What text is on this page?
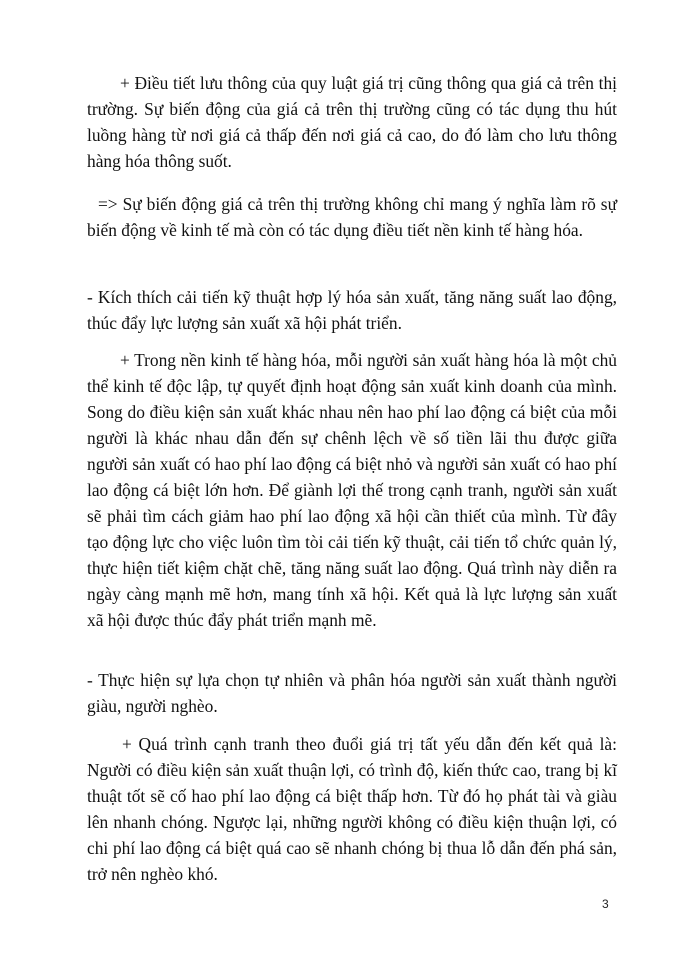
+ Điều tiết lưu thông của quy luật giá trị cũng thông qua giá cả trên thị trường. Sự biến động của giá cả trên thị trường cũng có tác dụng thu hút luồng hàng từ nơi giá cả thấp đến nơi giá cả cao, do đó làm cho lưu thông hàng hóa thông suốt.

=> Sự biến động giá cả trên thị trường không chỉ mang ý nghĩa làm rõ sự biến động về kinh tế mà còn có tác dụng điều tiết nền kinh tế hàng hóa.

- Kích thích cải tiến kỹ thuật hợp lý hóa sản xuất, tăng năng suất lao động, thúc đẩy lực lượng sản xuất xã hội phát triển.

+ Trong nền kinh tế hàng hóa, mỗi người sản xuất hàng hóa là một chủ thể kinh tế độc lập, tự quyết định hoạt động sản xuất kinh doanh của mình. Song do điều kiện sản xuất khác nhau nên hao phí lao động cá biệt của mỗi người là khác nhau dẫn đến sự chênh lệch về số tiền lãi thu được giữa người sản xuất có hao phí lao động cá biệt nhỏ và người sản xuất có hao phí lao động cá biệt lớn hơn. Để giành lợi thế trong cạnh tranh, người sản xuất sẽ phải tìm cách giảm hao phí lao động xã hội cần thiết của mình. Từ đây tạo động lực cho việc luôn tìm tòi cải tiến kỹ thuật, cải tiến tổ chức quản lý, thực hiện tiết kiệm chặt chẽ, tăng năng suất lao động. Quá trình này diễn ra ngày càng mạnh mẽ hơn, mang tính xã hội. Kết quả là lực lượng sản xuất xã hội được thúc đẩy phát triển mạnh mẽ.

- Thực hiện sự lựa chọn tự nhiên và phân hóa người sản xuất thành người giàu, người nghèo.

+ Quá trình cạnh tranh theo đuổi giá trị tất yếu dẫn đến kết quả là: Người có điều kiện sản xuất thuận lợi, có trình độ, kiến thức cao, trang bị kĩ thuật tốt sẽ cố hao phí lao động cá biệt thấp hơn. Từ đó họ phát tài và giàu lên nhanh chóng. Ngược lại, những người không có điều kiện thuận lợi, có chi phí lao động cá biệt quá cao sẽ nhanh chóng bị thua lỗ dẫn đến phá sản, trở nên nghèo khó.

3
